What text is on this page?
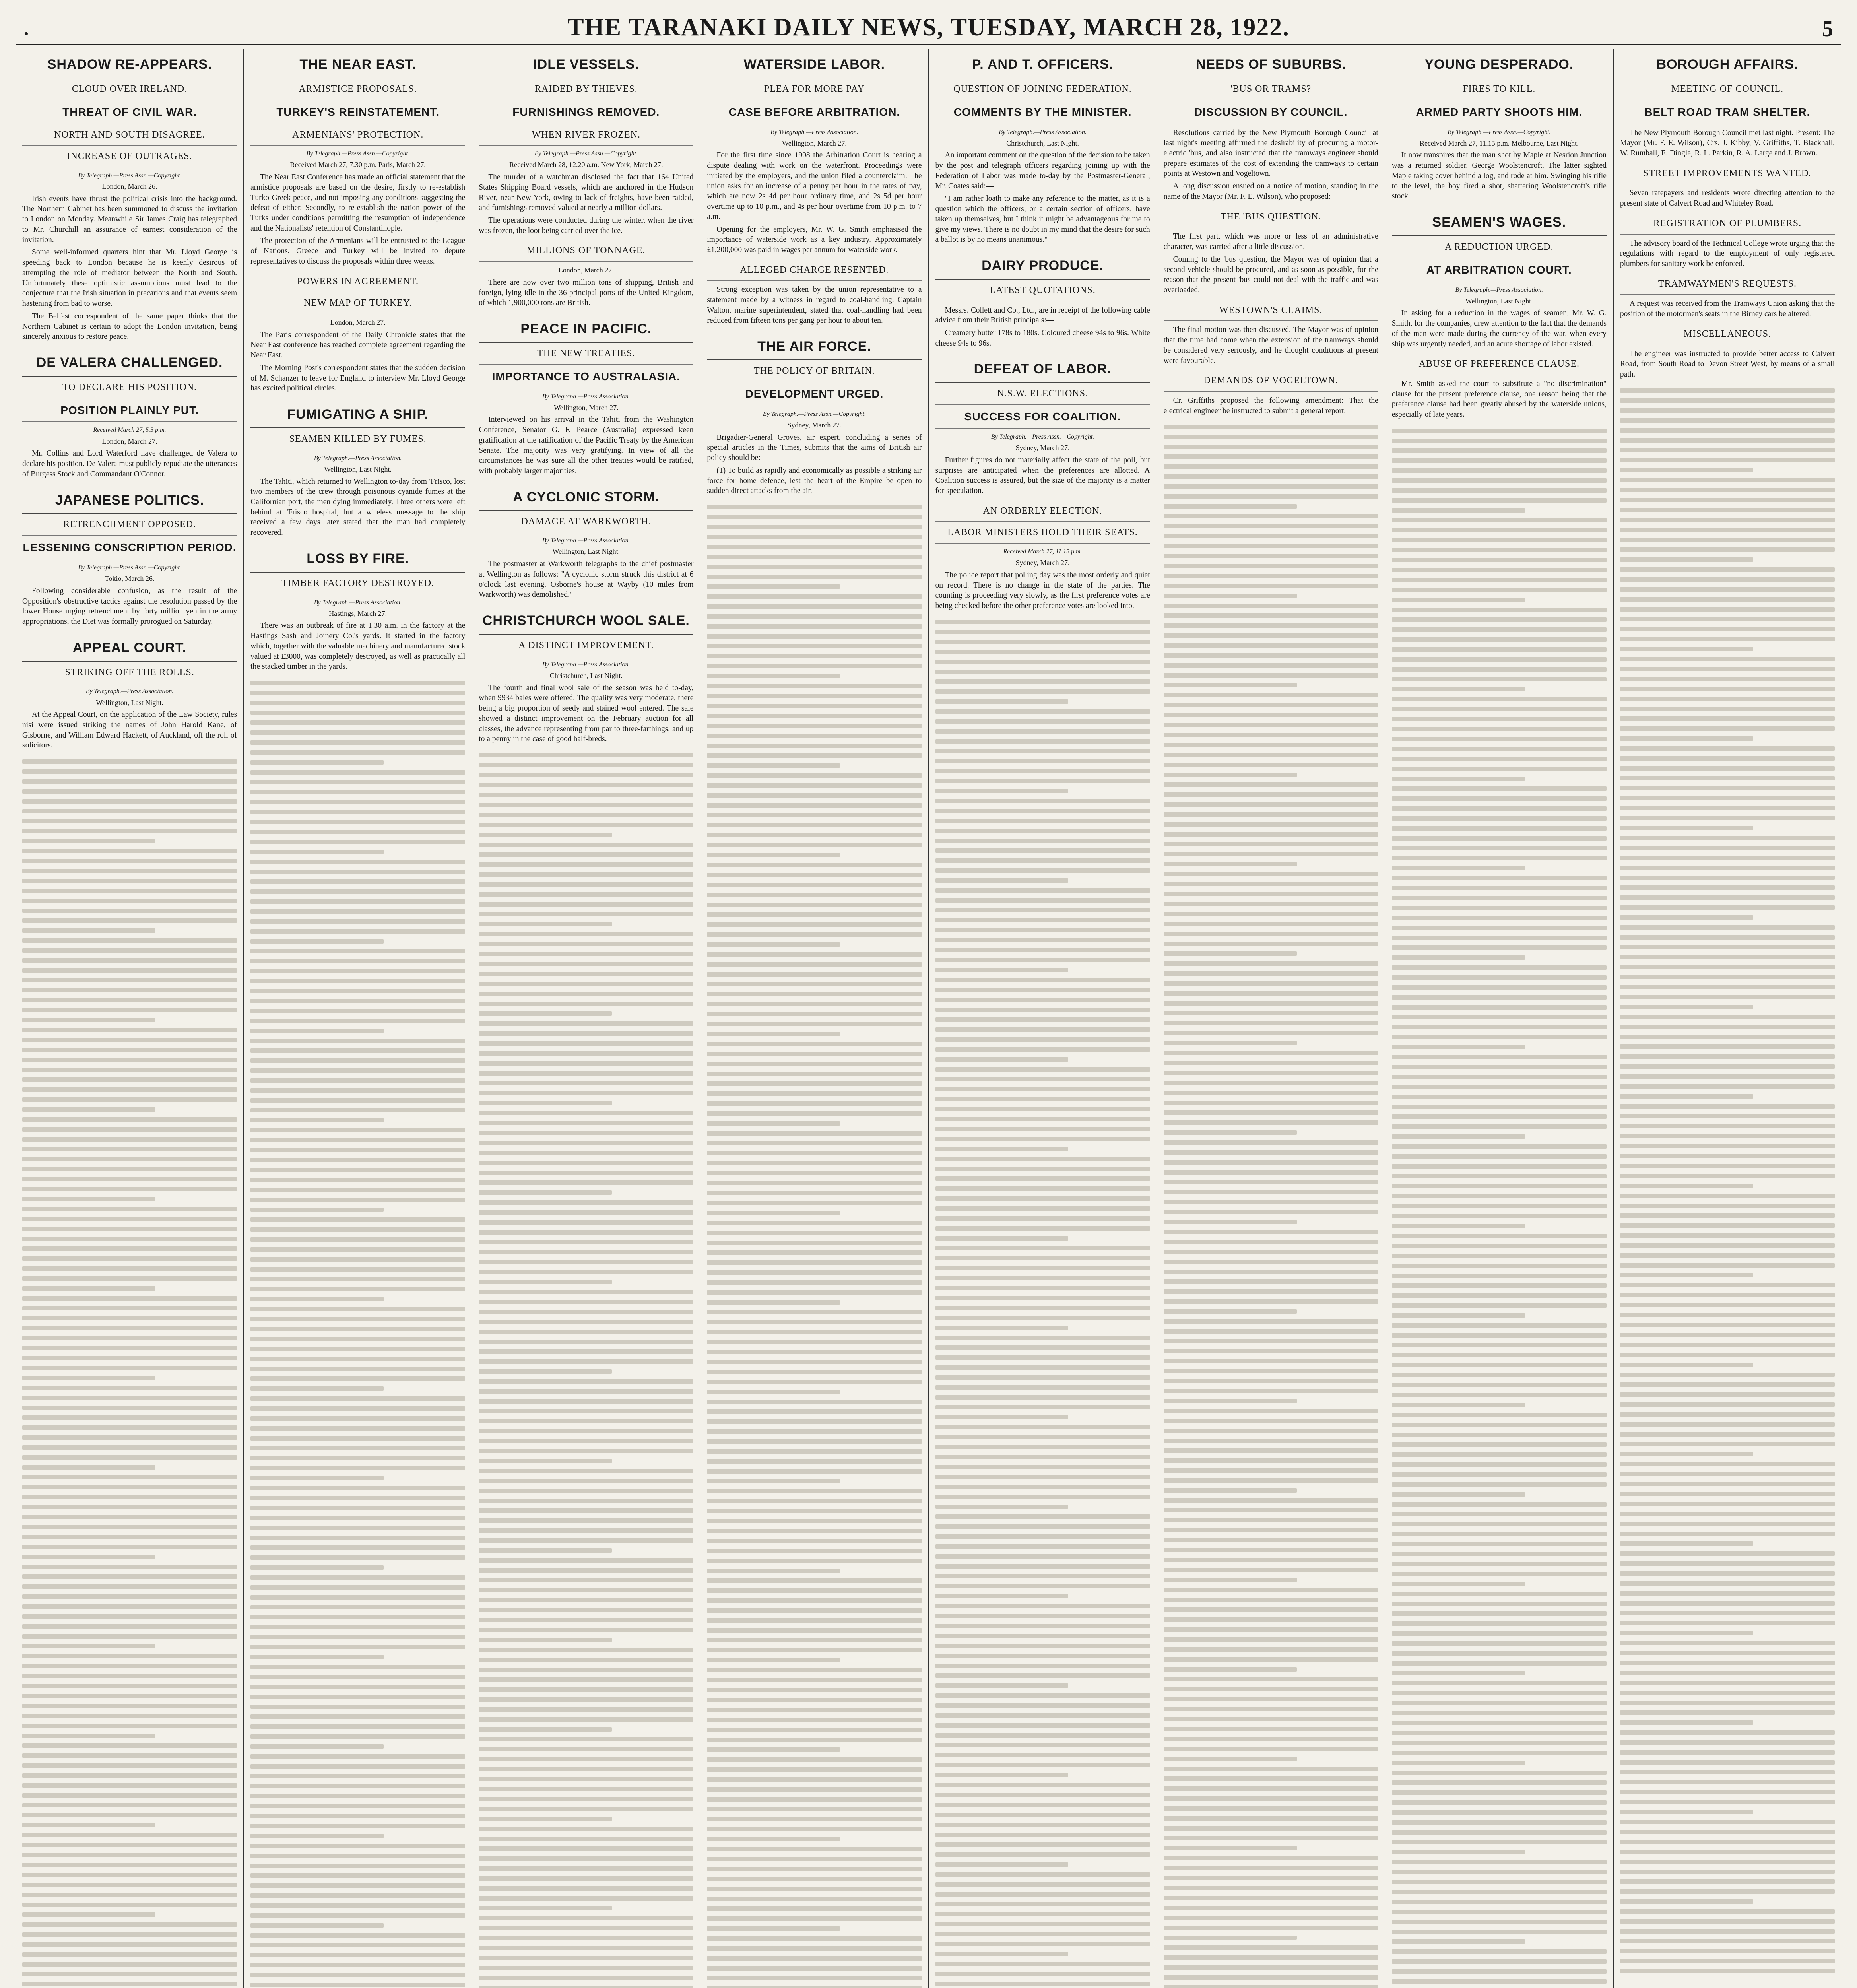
•	THE TARANAKI DAILY NEWS, TUESDAY, MARCH 28, 1922.	5
SHADOW RE-APPEARS.
CLOUD OVER IRELAND.
THREAT OF CIVIL WAR.
NORTH AND SOUTH DISAGREE.
INCREASE OF OUTRAGES.
By Telegraph.—Press Assn.—Copyright.
London, March 26.

Irish events have thrust the political crisis into the background. The Northern Cabinet has been summoned to discuss the invitation to London on Monday. Meanwhile Sir James Craig has telegraphed to Mr. Churchill an assurance of earnest consideration of the invitation.

Some well-informed quarters hint that Mr. Lloyd George is speeding back to London because he is keenly desirous of attempting the role of mediator between the North and South. Unfortunately these optimistic assumptions must lead to the conjecture that the Irish situation in precarious and that events seem hastening from bad to worse.

The Belfast correspondent of the same paper thinks that the Northern Cabinet is certain to adopt the London invitation, being sincerely anxious to restore peace.

DE VALERA CHALLENGED.
TO DECLARE HIS POSITION.
POSITION PLAINLY PUT.
Received March 27, 5.5 p.m.
London, March 27.

Mr. Collins and Lord Waterford have challenged de Valera to declare his position. De Valera must publicly repudiate the utterances of Burgess Stock and Commandant O'Connor.

JAPANESE POLITICS.
RETRENCHMENT OPPOSED.
LESSENING CONSCRIPTION PERIOD.
By Telegraph.—Press Assn.—Copyright.
Tokio, March 26.

Following considerable confusion, as the result of the Opposition's obstructive tactics against the resolution passed by the lower House urging retrenchment by forty million yen in the army appropriations, the Diet was formally prorogued on Saturday.

APPEAL COURT.
STRIKING OFF THE ROLLS.
By Telegraph.—Press Association.
Wellington, Last Night.

At the Appeal Court, on the application of the Law Society, rules nisi were issued striking the names of John Harold Kane, of Gisborne, and William Edward Hackett, of Auckland, off the roll of solicitors.

THE NEAR EAST.
ARMISTICE PROPOSALS.
TURKEY'S REINSTATEMENT.
ARMENIANS' PROTECTION.
By Telegraph.—Press Assn.—Copyright.
Received March 27, 7.30 p.m. Paris, March 27.

The Near East Conference has made an official statement that the armistice proposals are based on the desire, firstly to re-establish Turko-Greek peace, and not imposing any conditions suggesting the defeat of either. Secondly, to re-establish the nation power of the Turks under conditions permitting the resumption of independence and the Nationalists' retention of Constantinople.

The protection of the Armenians will be entrusted to the League of Nations. Greece and Turkey will be invited to depute representatives to discuss the proposals within three weeks.

POWERS IN AGREEMENT.
NEW MAP OF TURKEY.
London, March 27.

The Paris correspondent of the Daily Chronicle states that the Near East conference has reached complete agreement regarding the Near East.

The Morning Post's correspondent states that the sudden decision of M. Schanzer to leave for England to interview Mr. Lloyd George has excited political circles.

FUMIGATING A SHIP.
SEAMEN KILLED BY FUMES.
By Telegraph.—Press Association.
Wellington, Last Night.

The Tahiti, which returned to Wellington to-day from 'Frisco, lost two members of the crew through poisonous cyanide fumes at the Californian port, the men dying immediately. Three others were left behind at 'Frisco hospital, but a wireless message to the ship received a few days later stated that the man had completely recovered.

LOSS BY FIRE.
TIMBER FACTORY DESTROYED.
By Telegraph.—Press Association.
Hastings, March 27.

There was an outbreak of fire at 1.30 a.m. in the factory at the Hastings Sash and Joinery Co.'s yards. It started in the factory which, together with the valuable machinery and manufactured stock valued at £3000, was completely destroyed, as well as practically all the stacked timber in the yards.

IDLE VESSELS.
RAIDED BY THIEVES.
FURNISHINGS REMOVED.
WHEN RIVER FROZEN.
By Telegraph.—Press Assn.—Copyright.
Received March 28, 12.20 a.m. New York, March 27.

The murder of a watchman disclosed the fact that 164 United States Shipping Board vessels, which are anchored in the Hudson River, near New York, owing to lack of freights, have been raided, and furnishings removed valued at nearly a million dollars.

The operations were conducted during the winter, when the river was frozen, the loot being carried over the ice.

MILLIONS OF TONNAGE.
London, March 27.

There are now over two million tons of shipping, British and foreign, lying idle in the 36 principal ports of the United Kingdom, of which 1,900,000 tons are British.

PEACE IN PACIFIC.
THE NEW TREATIES.
IMPORTANCE TO AUSTRALASIA.
By Telegraph.—Press Association.
Wellington, March 27.

Interviewed on his arrival in the Tahiti from the Washington Conference, Senator G. F. Pearce (Australia) expressed keen gratification at the ratification of the Pacific Treaty by the American Senate. The majority was very gratifying. In view of all the circumstances he was sure all the other treaties would be ratified, with probably larger majorities.

A CYCLONIC STORM.
DAMAGE AT WARKWORTH.
By Telegraph.—Press Association.
Wellington, Last Night.

The postmaster at Warkworth telegraphs to the chief postmaster at Wellington as follows: "A cyclonic storm struck this district at 6 o'clock last evening. Osborne's house at Wayby (10 miles from Warkworth) was demolished."

CHRISTCHURCH WOOL SALE.
A DISTINCT IMPROVEMENT.
By Telegraph.—Press Association.
Christchurch, Last Night.

The fourth and final wool sale of the season was held to-day, when 9934 bales were offered. The quality was very moderate, there being a big proportion of seedy and stained wool entered. The sale showed a distinct improvement on the February auction for all classes, the advance representing from par to three-farthings, and up to a penny in the case of good half-breds.

WATERSIDE LABOR.
PLEA FOR MORE PAY
CASE BEFORE ARBITRATION.
By Telegraph.—Press Association.
Wellington, March 27.

For the first time since 1908 the Arbitration Court is hearing a dispute dealing with work on the waterfront. Proceedings were initiated by the employers, and the union filed a counterclaim. The union asks for an increase of a penny per hour in the rates of pay, which are now 2s 4d per hour ordinary time, and 2s 5d per hour overtime up to 10 p.m., and 4s per hour overtime from 10 p.m. to 7 a.m.

Opening for the employers, Mr. W. G. Smith emphasised the importance of waterside work as a key industry. Approximately £1,200,000 was paid in wages per annum for waterside work.

ALLEGED CHARGE RESENTED.

Strong exception was taken by the union representative to a statement made by a witness in regard to coal-handling. Captain Walton, marine superintendent, stated that coal-handling had been reduced from fifteen tons per gang per hour to about ten.

THE AIR FORCE.
THE POLICY OF BRITAIN.
DEVELOPMENT URGED.
By Telegraph.—Press Assn.—Copyright.
Sydney, March 27.

Brigadier-General Groves, air expert, concluding a series of special articles in the Times, submits that the aims of British air policy should be:—

(1) To build as rapidly and economically as possible a striking air force for home defence, lest the heart of the Empire be open to sudden direct attacks from the air.

P. AND T. OFFICERS.
QUESTION OF JOINING FEDERATION.
COMMENTS BY THE MINISTER.
By Telegraph.—Press Association.
Christchurch, Last Night.

An important comment on the question of the decision to be taken by the post and telegraph officers regarding joining up with the Federation of Labor was made to-day by the Postmaster-General, Mr. Coates said:—

"I am rather loath to make any reference to the matter, as it is a question which the officers, or a certain section of officers, have taken up themselves, but I think it might be advantageous for me to give my views. There is no doubt in my mind that the desire for such a ballot is by no means unanimous."

DAIRY PRODUCE.
LATEST QUOTATIONS.

Messrs. Collett and Co., Ltd., are in receipt of the following cable advice from their British principals:—

Creamery butter 178s to 180s. Coloured cheese 94s to 96s. White cheese 94s to 96s.

DEFEAT OF LABOR.
N.S.W. ELECTIONS.
SUCCESS FOR COALITION.
By Telegraph.—Press Assn.—Copyright.
Sydney, March 27.

Further figures do not materially affect the state of the poll, but surprises are anticipated when the preferences are allotted. A Coalition success is assured, but the size of the majority is a matter for speculation.

AN ORDERLY ELECTION.
LABOR MINISTERS HOLD THEIR SEATS.
Received March 27, 11.15 p.m.
Sydney, March 27.

The police report that polling day was the most orderly and quiet on record. There is no change in the state of the parties. The counting is proceeding very slowly, as the first preference votes are being checked before the other preference votes are looked into.

NEEDS OF SUBURBS.
'BUS OR TRAMS?
DISCUSSION BY COUNCIL.

Resolutions carried by the New Plymouth Borough Council at last night's meeting affirmed the desirability of procuring a motor-electric 'bus, and also instructed that the tramways engineer should prepare estimates of the cost of extending the tramways to certain points at Westown and Vogeltown.

A long discussion ensued on a notice of motion, standing in the name of the Mayor (Mr. F. E. Wilson), who proposed:—

THE 'BUS QUESTION.

The first part, which was more or less of an administrative character, was carried after a little discussion.

Coming to the 'bus question, the Mayor was of opinion that a second vehicle should be procured, and as soon as possible, for the reason that the present 'bus could not deal with the traffic and was overloaded.

WESTOWN'S CLAIMS.

The final motion was then discussed. The Mayor was of opinion that the time had come when the extension of the tramways should be considered very seriously, and he thought conditions at present were favourable.

DEMANDS OF VOGELTOWN.

Cr. Griffiths proposed the following amendment: That the electrical engineer be instructed to submit a general report.

YOUNG DESPERADO.
FIRES TO KILL.
ARMED PARTY SHOOTS HIM.
By Telegraph.—Press Assn.—Copyright.
Received March 27, 11.15 p.m. Melbourne, Last Night.

It now transpires that the man shot by Maple at Nesrion Junction was a returned soldier, George Woolstencroft. The latter sighted Maple taking cover behind a log, and rode at him. Swinging his rifle to the level, the boy fired a shot, shattering Woolstencroft's rifle stock.

SEAMEN'S WAGES.
A REDUCTION URGED.
AT ARBITRATION COURT.
By Telegraph.—Press Association.
Wellington, Last Night.

In asking for a reduction in the wages of seamen, Mr. W. G. Smith, for the companies, drew attention to the fact that the demands of the men were made during the currency of the war, when every ship was urgently needed, and an acute shortage of labor existed.

ABUSE OF PREFERENCE CLAUSE.

Mr. Smith asked the court to substitute a "no discrimination" clause for the present preference clause, one reason being that the preference clause had been greatly abused by the waterside unions, especially of late years.

BOROUGH AFFAIRS.
MEETING OF COUNCIL.
BELT ROAD TRAM SHELTER.

The New Plymouth Borough Council met last night. Present: The Mayor (Mr. F. E. Wilson), Crs. J. Kibby, V. Griffiths, T. Blackhall, W. Rumball, E. Dingle, R. L. Parkin, R. A. Large and J. Brown.

STREET IMPROVEMENTS WANTED.

Seven ratepayers and residents wrote directing attention to the present state of Calvert Road and Whiteley Road.

REGISTRATION OF PLUMBERS.

The advisory board of the Technical College wrote urging that the regulations with regard to the employment of only registered plumbers for sanitary work be enforced.

TRAMWAYMEN'S REQUESTS.

A request was received from the Tramways Union asking that the position of the motormen's seats in the Birney cars be altered.

MISCELLANEOUS.

The engineer was instructed to provide better access to Calvert Road, from South Road to Devon Street West, by means of a small path.
